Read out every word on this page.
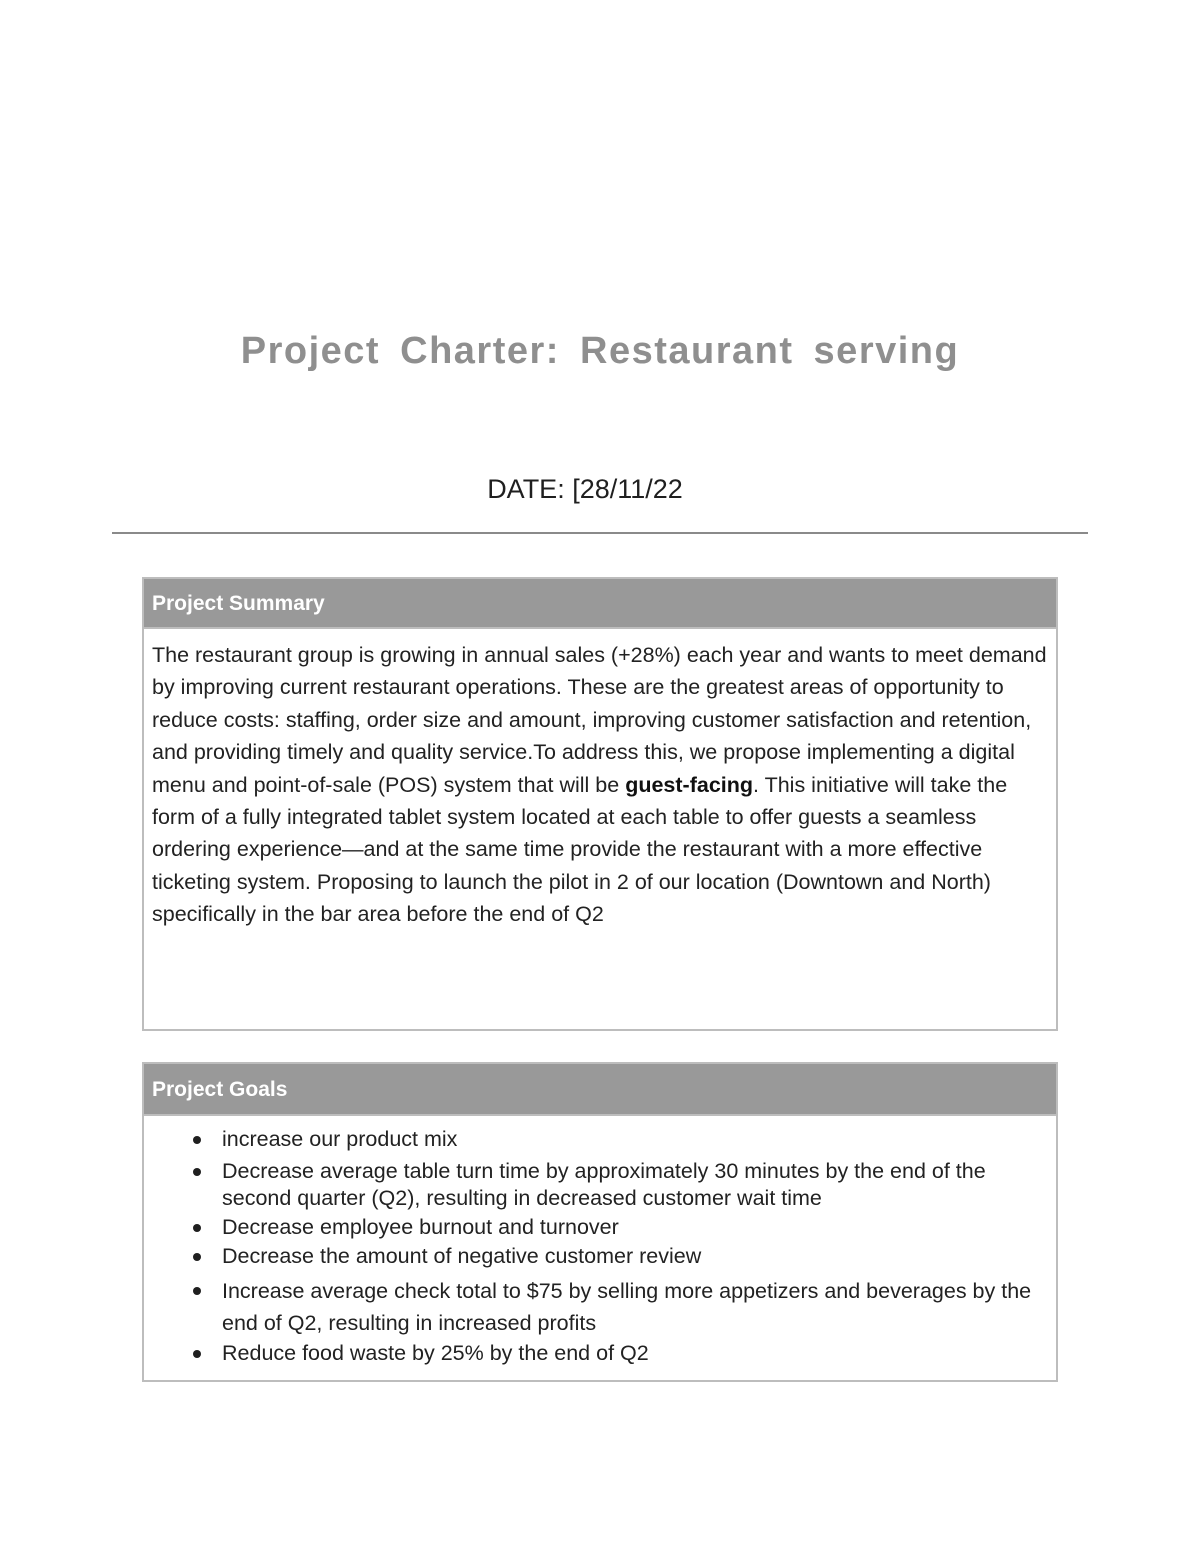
Project Charter: Restaurant serving

DATE: [28/11/22

Project Summary
The restaurant group is growing in annual sales (+28%) each year and wants to meet demand by improving current restaurant operations. These are the greatest areas of opportunity to reduce costs: staffing, order size and amount, improving customer satisfaction and retention, and providing timely and quality service.To address this, we propose implementing a digital menu and point-of-sale (POS) system that will be guest-facing. This initiative will take the form of a fully integrated tablet system located at each table to offer guests a seamless ordering experience—and at the same time provide the restaurant with a more effective ticketing system. Proposing to launch the pilot in 2 of our location (Downtown and North) specifically in the bar area before the end of Q2
Project Goals
increase our product mix
Decrease average table turn time by approximately 30 minutes by the end of the second quarter (Q2), resulting in decreased customer wait time
Decrease employee burnout and turnover
Decrease the amount of negative customer review
Increase average check total to $75 by selling more appetizers and beverages by the end of Q2, resulting in increased profits
Reduce food waste by 25% by the end of Q2
